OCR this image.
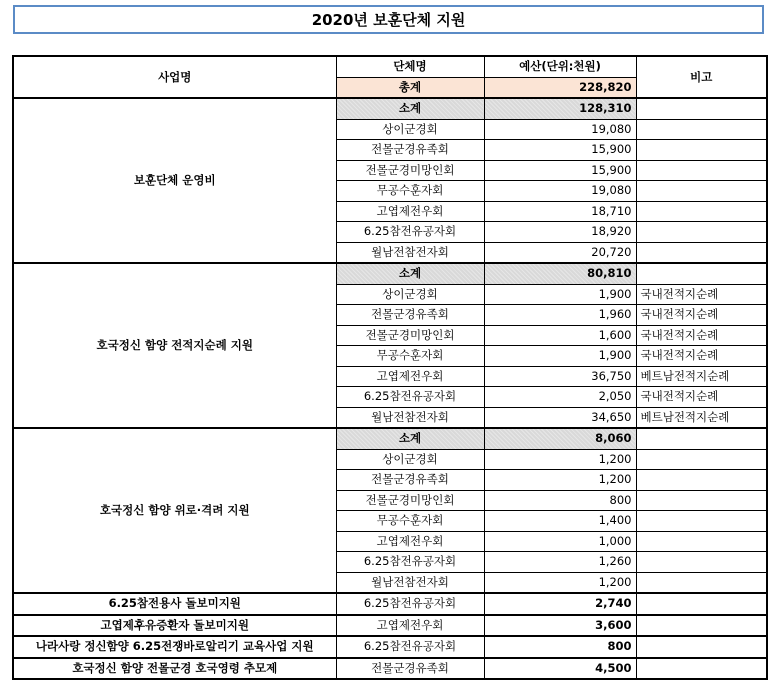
2020년 보훈단체 지원
사업명	단체명	예산(단위:천원)	비고
	총계	228,820	
보훈단체 운영비	소계	128,310	
	상이군경회	19,080	
	전몰군경유족회	15,900	
	전몰군경미망인회	15,900	
	무공수훈자회	19,080	
	고엽제전우회	18,710	
	6.25참전유공자회	18,920	
	월남전참전자회	20,720	
호국정신 함양 전적지순례 지원	소계	80,810	
	상이군경회	1,900	국내전적지순례
	전몰군경유족회	1,960	국내전적지순례
	전몰군경미망인회	1,600	국내전적지순례
	무공수훈자회	1,900	국내전적지순례
	고엽제전우회	36,750	베트남전적지순례
	6.25참전유공자회	2,050	국내전적지순례
	월남전참전자회	34,650	베트남전적지순례
호국정신 함양 위로·격려 지원	소계	8,060	
	상이군경회	1,200	
	전몰군경유족회	1,200	
	전몰군경미망인회	800	
	무공수훈자회	1,400	
	고엽제전우회	1,000	
	6.25참전유공자회	1,260	
	월남전참전자회	1,200	
6.25참전용사 돌보미지원	6.25참전유공자회	2,740	
고엽제후유증환자 돌보미지원	고엽제전우회	3,600	
나라사랑 정신함양 6.25전쟁바로알리기 교육사업 지원	6.25참전유공자회	800	
호국정신 함양 전몰군경 호국영령 추모제	전몰군경유족회	4,500	
